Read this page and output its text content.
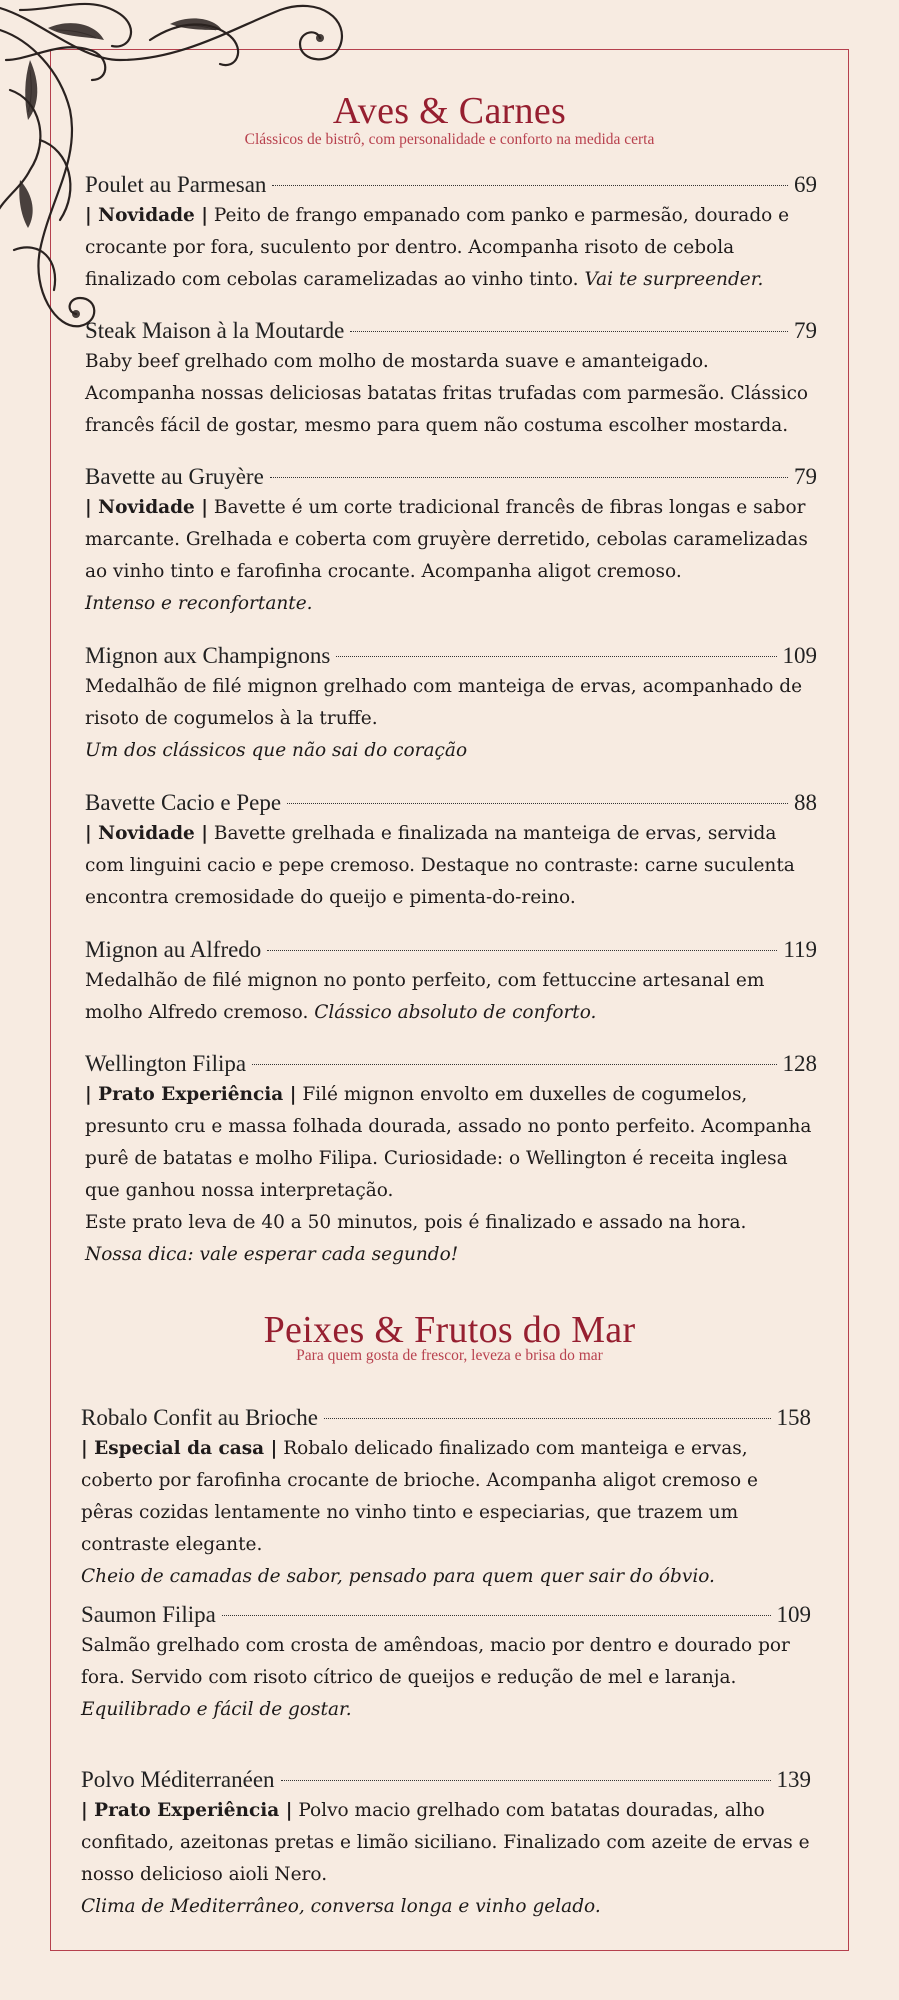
Aves & Carnes
Clássicos de bistrô, com personalidade e conforto na medida certa
Poulet au Parmesan	69

| Novidade | Peito de frango empanado com panko e parmesão, dourado e crocante por fora, suculento por dentro. Acompanha risoto de cebola finalizado com cebolas caramelizadas ao vinho tinto. Vai te surpreender.

Steak Maison à la Moutarde	79

Baby beef grelhado com molho de mostarda suave e amanteigado. Acompanha nossas deliciosas batatas fritas trufadas com parmesão. Clássico francês fácil de gostar, mesmo para quem não costuma escolher mostarda.

Bavette au Gruyère	79

| Novidade | Bavette é um corte tradicional francês de fibras longas e sabor marcante. Grelhada e coberta com gruyère derretido, cebolas caramelizadas ao vinho tinto e farofinha crocante. Acompanha aligot cremoso.

Intenso e reconfortante.

Mignon aux Champignons	109

Medalhão de filé mignon grelhado com manteiga de ervas, acompanhado de risoto de cogumelos à la truffe.

Um dos clássicos que não sai do coração

Bavette Cacio e Pepe	88

| Novidade | Bavette grelhada e finalizada na manteiga de ervas, servida com linguini cacio e pepe cremoso. Destaque no contraste: carne suculenta encontra cremosidade do queijo e pimenta-do-reino.

Mignon au Alfredo	119

Medalhão de filé mignon no ponto perfeito, com fettuccine artesanal em molho Alfredo cremoso. Clássico absoluto de conforto.

Wellington Filipa	128

| Prato Experiência | Filé mignon envolto em duxelles de cogumelos, presunto cru e massa folhada dourada, assado no ponto perfeito. Acompanha purê de batatas e molho Filipa. Curiosidade: o Wellington é receita inglesa que ganhou nossa interpretação.

Este prato leva de 40 a 50 minutos, pois é finalizado e assado na hora.

Nossa dica: vale esperar cada segundo!

Peixes & Frutos do Mar
Para quem gosta de frescor, leveza e brisa do mar
Robalo Confit au Brioche	158

| Especial da casa | Robalo delicado finalizado com manteiga e ervas, coberto por farofinha crocante de brioche. Acompanha aligot cremoso e pêras cozidas lentamente no vinho tinto e especiarias, que trazem um contraste elegante.

Cheio de camadas de sabor, pensado para quem quer sair do óbvio.

Saumon Filipa	109

Salmão grelhado com crosta de amêndoas, macio por dentro e dourado por fora. Servido com risoto cítrico de queijos e redução de mel e laranja.

Equilibrado e fácil de gostar.

Polvo Méditerranéen	139

| Prato Experiência | Polvo macio grelhado com batatas douradas, alho confitado, azeitonas pretas e limão siciliano. Finalizado com azeite de ervas e nosso delicioso aioli Nero.

Clima de Mediterrâneo, conversa longa e vinho gelado.
